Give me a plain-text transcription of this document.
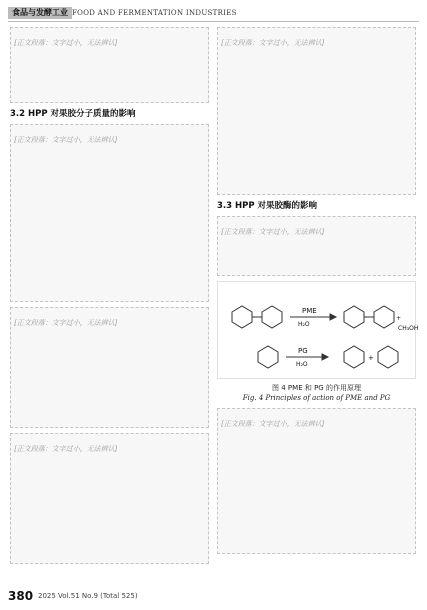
食品与发酵工业 FOOD AND FERMENTATION INDUSTRIES
[正文段落：文字过小，无法辨认]
3.2 HPP 对果胶分子质量的影响
[正文段落：文字过小，无法辨认]
[正文段落：文字过小，无法辨认]
[正文段落：文字过小，无法辨认]
[正文段落：文字过小，无法辨认]
3.3 HPP 对果胶酶的影响
[正文段落：文字过小，无法辨认]
PME
H₂O
+
CH₃OH
PG
H₂O
+
图 4 PME 和 PG 的作用原理
Fig. 4 Principles of action of PME and PG
[正文段落：文字过小，无法辨认]
380 2025 Vol.51 No.9 (Total 525)
